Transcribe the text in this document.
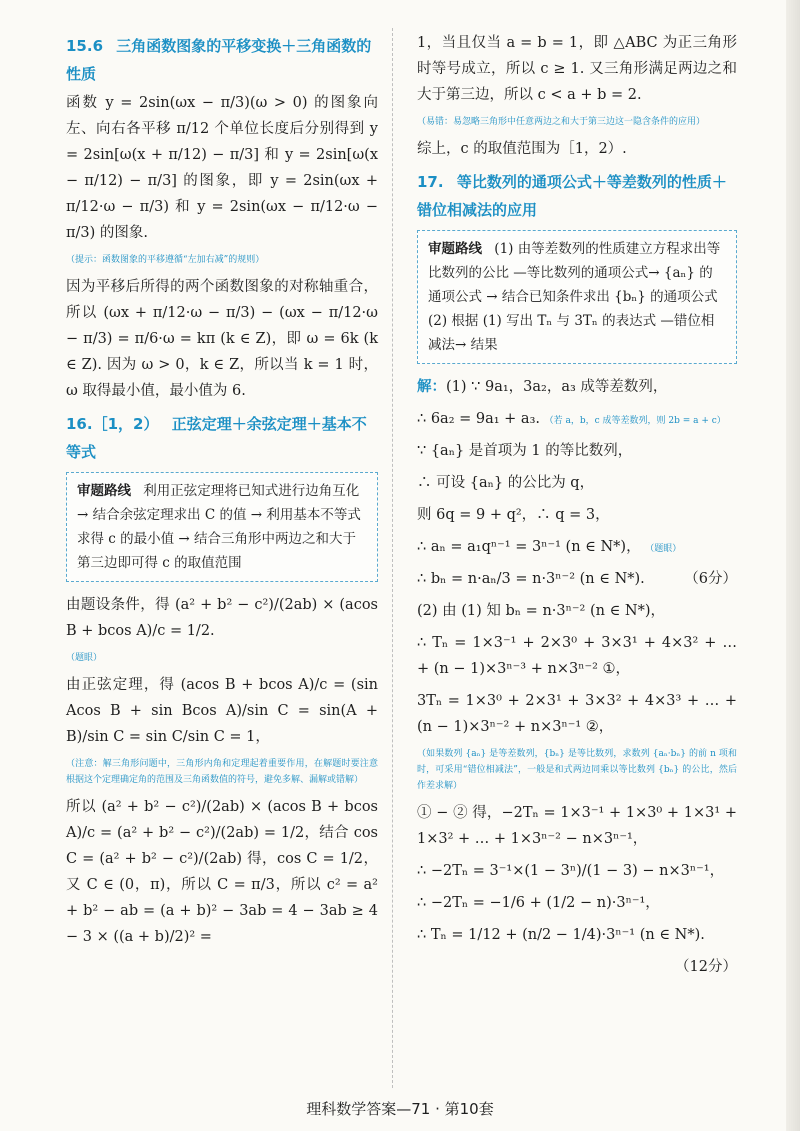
15.6 三角函数图象的平移变换＋三角函数的性质

函数 y = 2sin(ωx − π/3)(ω > 0) 的图象向左、向右各平移 π/12 个单位长度后分别得到 y = 2sin[ω(x + π/12) − π/3] 和 y = 2sin[ω(x − π/12) − π/3] 的图象，即 y = 2sin(ωx + π/12·ω − π/3) 和 y = 2sin(ωx − π/12·ω − π/3) 的图象.

（提示：函数图象的平移遵循“左加右减”的规则）

因为平移后所得的两个函数图象的对称轴重合，所以 (ωx + π/12·ω − π/3) − (ωx − π/12·ω − π/3) = π/6·ω = kπ (k ∈ Z)，即 ω = 6k (k ∈ Z). 因为 ω > 0，k ∈ Z，所以当 k = 1 时，ω 取得最小值，最小值为 6.

16.［1，2） 正弦定理＋余弦定理＋基本不等式
审题路线 利用正弦定理将已知式进行边角互化 → 结合余弦定理求出 C 的值 → 利用基本不等式求得 c 的最小值 → 结合三角形中两边之和大于第三边即可得 c 的取值范围

由题设条件，得 (a² + b² − c²)/(2ab) × (acos B + bcos A)/c = 1/2.

（题眼）

由正弦定理，得 (acos B + bcos A)/c = (sin Acos B + sin Bcos A)/sin C = sin(A + B)/sin C = sin C/sin C = 1，

（注意：解三角形问题中，三角形内角和定理起着重要作用，在解题时要注意根据这个定理确定角的范围及三角函数值的符号，避免多解、漏解或错解）

所以 (a² + b² − c²)/(2ab) × (acos B + bcos A)/c = (a² + b² − c²)/(2ab) = 1/2，结合 cos C = (a² + b² − c²)/(2ab) 得，cos C = 1/2，又 C ∈ (0，π)，所以 C = π/3，所以 c² = a² + b² − ab = (a + b)² − 3ab = 4 − 3ab ≥ 4 − 3 × ((a + b)/2)² =

1，当且仅当 a = b = 1，即 △ABC 为正三角形时等号成立，所以 c ≥ 1. 又三角形满足两边之和大于第三边，所以 c < a + b = 2.

（易错：易忽略三角形中任意两边之和大于第三边这一隐含条件的应用）

综上，c 的取值范围为［1，2）.

17. 等比数列的通项公式＋等差数列的性质＋错位相减法的应用
审题路线 (1) 由等差数列的性质建立方程求出等比数列的公比 —等比数列的通项公式→ {aₙ} 的通项公式 → 结合已知条件求出 {bₙ} 的通项公式
(2) 根据 (1) 写出 Tₙ 与 3Tₙ 的表达式 —错位相减法→ 结果

解：(1) ∵ 9a₁，3a₂，a₃ 成等差数列，

∴ 6a₂ = 9a₁ + a₃. （若 a，b，c 成等差数列，则 2b = a + c）

∵ {aₙ} 是首项为 1 的等比数列，

∴ 可设 {aₙ} 的公比为 q，

则 6q = 9 + q²，∴ q = 3，

∴ aₙ = a₁qⁿ⁻¹ = 3ⁿ⁻¹ (n ∈ N*)， （题眼）

∴ bₙ = n·aₙ/3 = n·3ⁿ⁻² (n ∈ N*).	（6分）

(2) 由 (1) 知 bₙ = n·3ⁿ⁻² (n ∈ N*)，

∴ Tₙ = 1×3⁻¹ + 2×3⁰ + 3×3¹ + 4×3² + … + (n − 1)×3ⁿ⁻³ + n×3ⁿ⁻² ①，

3Tₙ = 1×3⁰ + 2×3¹ + 3×3² + 4×3³ + … + (n − 1)×3ⁿ⁻² + n×3ⁿ⁻¹ ②，

（如果数列 {aₙ} 是等差数列，{bₙ} 是等比数列，求数列 {aₙ·bₙ} 的前 n 项和时，可采用“错位相减法”，一般是和式两边同乘以等比数列 {bₙ} 的公比，然后作差求解）

① − ② 得，−2Tₙ = 1×3⁻¹ + 1×3⁰ + 1×3¹ + 1×3² + … + 1×3ⁿ⁻² − n×3ⁿ⁻¹，

∴ −2Tₙ = 3⁻¹×(1 − 3ⁿ)/(1 − 3) − n×3ⁿ⁻¹，

∴ −2Tₙ = −1/6 + (1/2 − n)·3ⁿ⁻¹，

∴ Tₙ = 1/12 + (n/2 − 1/4)·3ⁿ⁻¹ (n ∈ N*).

（12分）

理科数学答案—71 · 第10套
